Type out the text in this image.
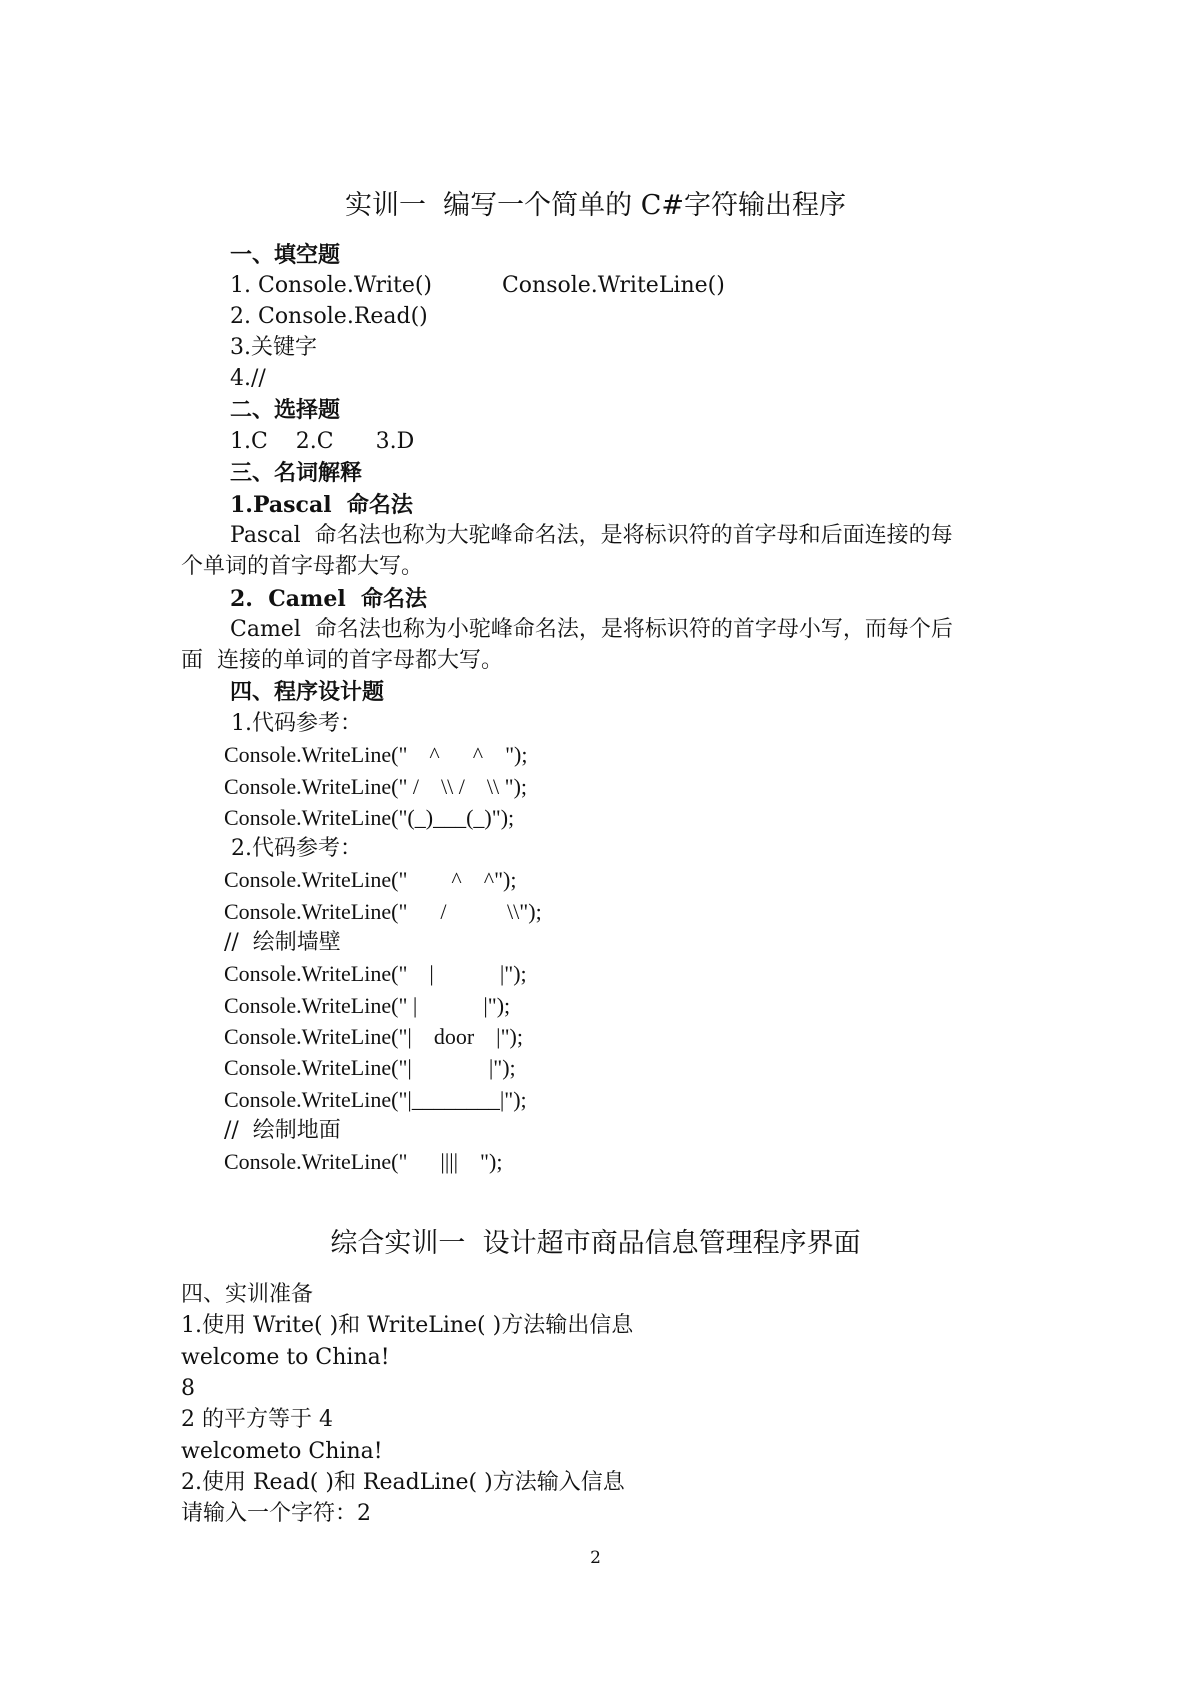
实训一  编写一个简单的 C#字符输出程序
一、填空题
1. Console.Write()          Console.WriteLine()
2. Console.Read()
3.关键字
4.//
二、选择题
1.C    2.C      3.D
三、名词解释
1.Pascal  命名法
Pascal  命名法也称为大驼峰命名法，是将标识符的首字母和后面连接的每
个单词的首字母都大写。
2.  Camel  命名法
Camel  命名法也称为小驼峰命名法，是将标识符的首字母小写，而每个后
面  连接的单词的首字母都大写。
四、程序设计题
1.代码参考：
Console.WriteLine("    ^      ^    ");
Console.WriteLine(" /    \\ /    \\ ");
Console.WriteLine("(_)___(_)");
2.代码参考：
Console.WriteLine("        ^    ^");
Console.WriteLine("      /           \\");
//  绘制墙壁
Console.WriteLine("    |            |");
Console.WriteLine(" |            |");
Console.WriteLine("|    door    |");
Console.WriteLine("|              |");
Console.WriteLine("|________|");
//  绘制地面
Console.WriteLine("      ||||    ");
综合实训一  设计超市商品信息管理程序界面
四、实训准备
1.使用 Write( )和 WriteLine( )方法输出信息
welcome to China!
8
2 的平方等于 4
welcometo China!
2.使用 Read( )和 ReadLine( )方法输入信息
请输入一个字符：2
2
